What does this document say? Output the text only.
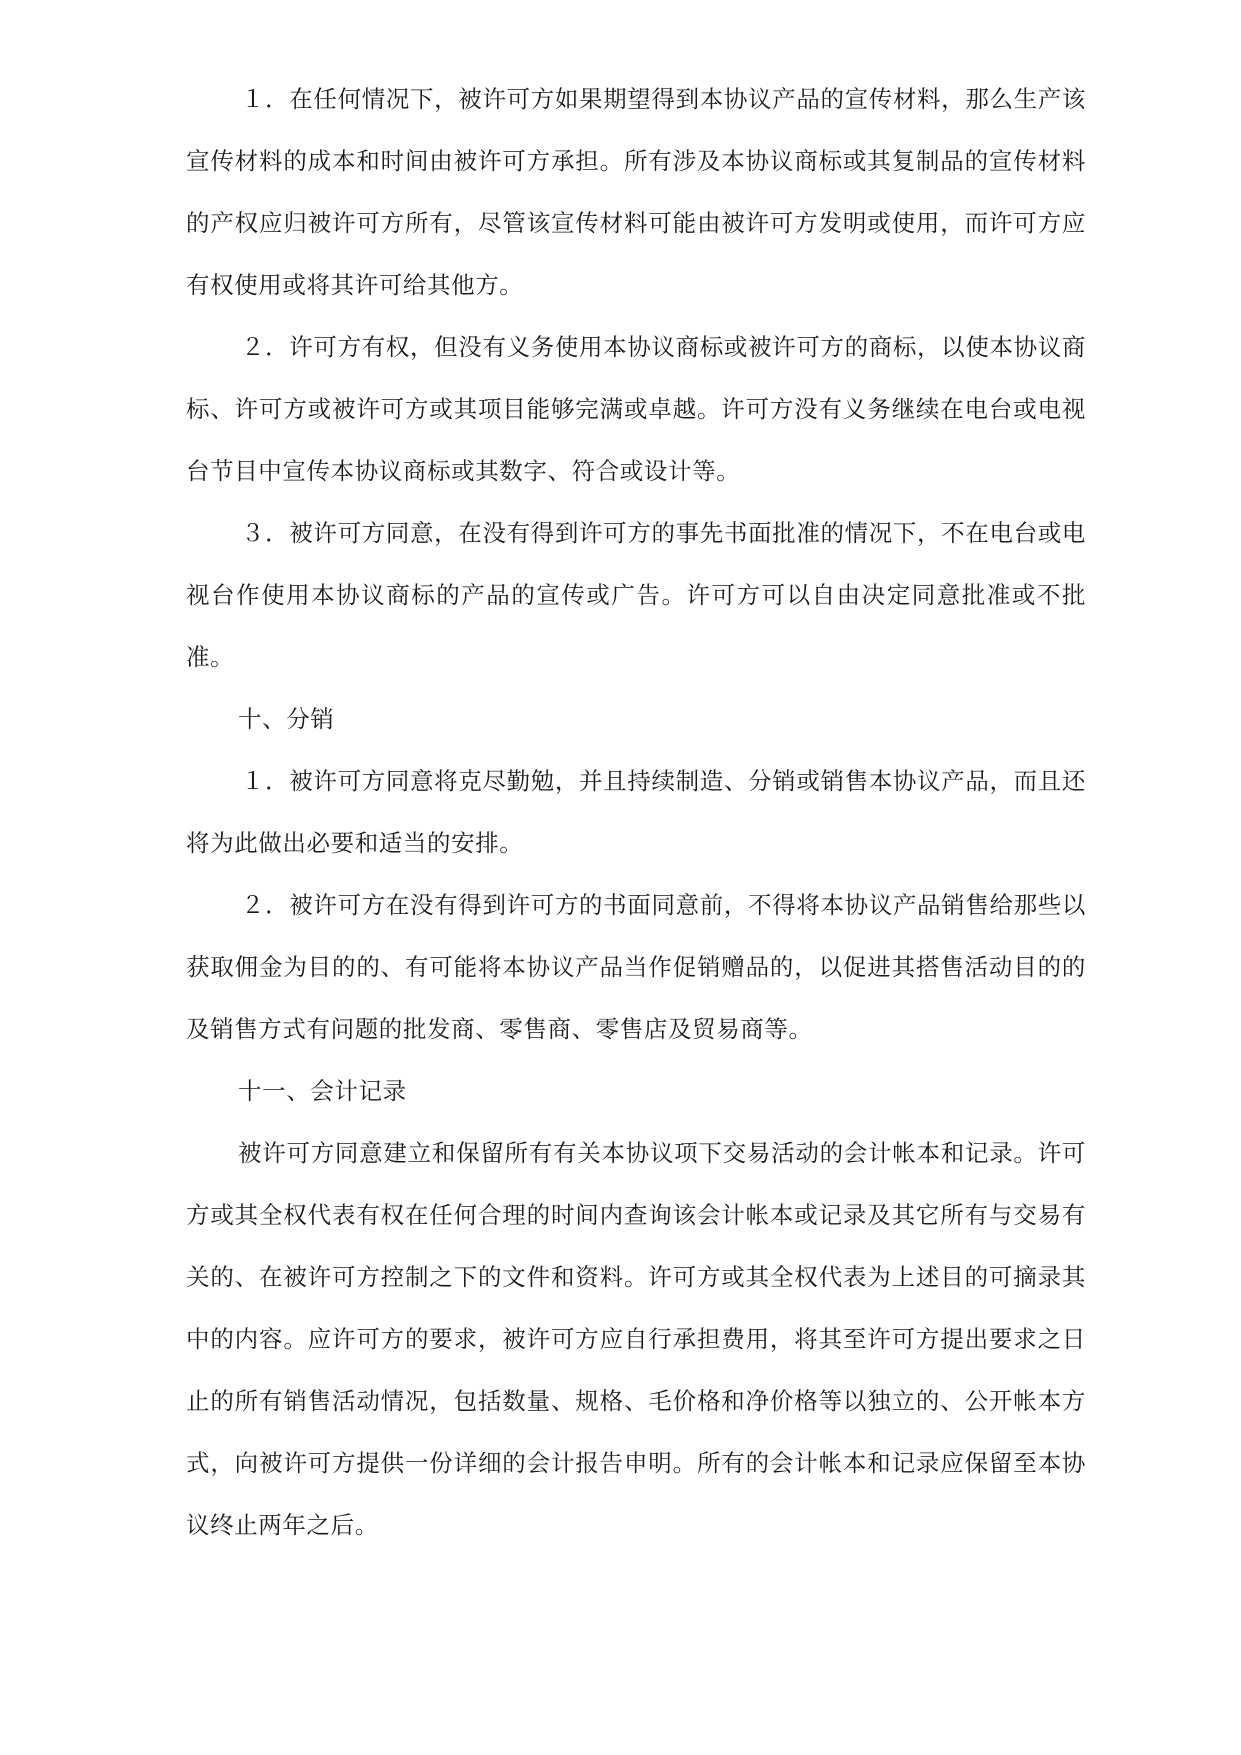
１．在任何情况下，被许可方如果期望得到本协议产品的宣传材料，那么生产该宣传材料的成本和时间由被许可方承担。所有涉及本协议商标或其复制品的宣传材料的产权应归被许可方所有，尽管该宣传材料可能由被许可方发明或使用，而许可方应有权使用或将其许可给其他方。

２．许可方有权，但没有义务使用本协议商标或被许可方的商标，以使本协议商标、许可方或被许可方或其项目能够完满或卓越。许可方没有义务继续在电台或电视台节目中宣传本协议商标或其数字、符合或设计等。

３．被许可方同意，在没有得到许可方的事先书面批准的情况下，不在电台或电视台作使用本协议商标的产品的宣传或广告。许可方可以自由决定同意批准或不批准。

十、分销

１．被许可方同意将克尽勤勉，并且持续制造、分销或销售本协议产品，而且还将为此做出必要和适当的安排。

２．被许可方在没有得到许可方的书面同意前，不得将本协议产品销售给那些以获取佣金为目的的、有可能将本协议产品当作促销赠品的，以促进其搭售活动目的的及销售方式有问题的批发商、零售商、零售店及贸易商等。

十一、会计记录

被许可方同意建立和保留所有有关本协议项下交易活动的会计帐本和记录。许可方或其全权代表有权在任何合理的时间内查询该会计帐本或记录及其它所有与交易有关的、在被许可方控制之下的文件和资料。许可方或其全权代表为上述目的可摘录其中的内容。应许可方的要求，被许可方应自行承担费用，将其至许可方提出要求之日止的所有销售活动情况，包括数量、规格、毛价格和净价格等以独立的、公开帐本方式，向被许可方提供一份详细的会计报告申明。所有的会计帐本和记录应保留至本协议终止两年之后。
